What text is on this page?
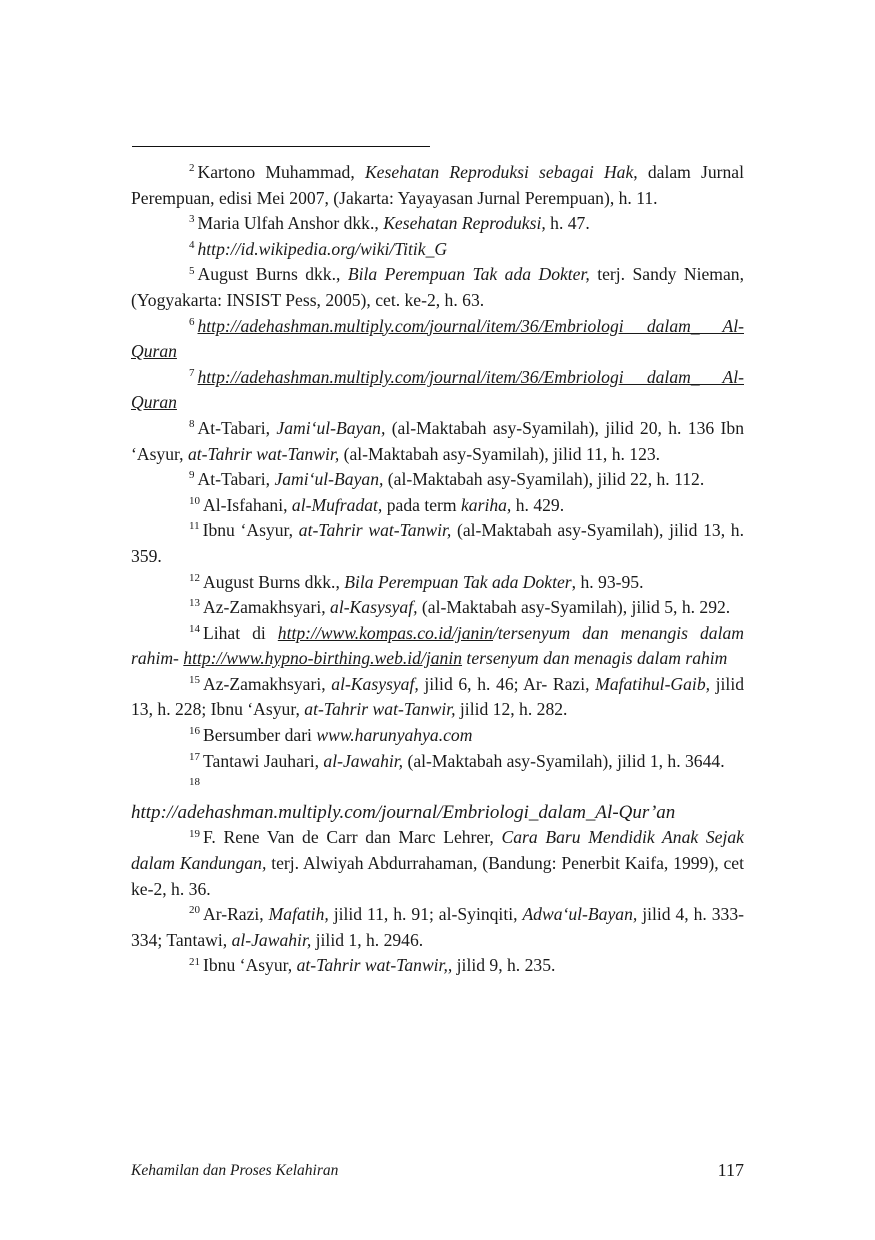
$^2$ Kartono Muhammad, Kesehatan Reproduksi sebagai Hak, dalam Jurnal Perempuan, edisi Mei 2007, (Jakarta: Yayayasan Jurnal Perempuan), h. 11.

$^3$ Maria Ulfah Anshor dkk., Kesehatan Reproduksi, h. 47.

$^4$ http://id.wikipedia.org/wiki/Titik_G

$^5$ August Burns dkk., Bila Perempuan Tak ada Dokter, terj. Sandy Nieman, (Yogyakarta: INSIST Pess, 2005), cet. ke-2, h. 63.

$^6$ http://adehashman.multiply.com/journal/item/36/Embriologi dalam_ Al-Quran

$^7$ http://adehashman.multiply.com/journal/item/36/Embriologi dalam_ Al-Quran

$^8$ At-Tabari, Jami‘ul-Bayan, (al-Maktabah asy-Syamilah), jilid 20, h. 136 Ibn ‘Asyur, at-Tahrir wat-Tanwir, (al-Maktabah asy-Syamilah), jilid 11, h. 123.

$^9$ At-Tabari, Jami‘ul-Bayan, (al-Maktabah asy-Syamilah), jilid 22, h. 112.

$^{10}$ Al-Isfahani, al-Mufradat, pada term kariha, h. 429.

$^{11}$ Ibnu ‘Asyur, at-Tahrir wat-Tanwir, (al-Maktabah asy-Syamilah), jilid 13, h. 359.

$^{12}$ August Burns dkk., Bila Perempuan Tak ada Dokter, h. 93-95.

$^{13}$ Az-Zamakhsyari, al-Kasysyaf, (al-Maktabah asy-Syamilah), jilid 5, h. 292.

$^{14}$ Lihat di http://www.kompas.co.id/janin/tersenyum dan menangis dalam rahim- http://www.hypno-birthing.web.id/janin tersenyum dan menagis dalam rahim

$^{15}$ Az-Zamakhsyari, al-Kasysyaf, jilid 6, h. 46; Ar- Razi, Mafatihul-Gaib, jilid 13, h. 228; Ibnu ‘Asyur, at-Tahrir wat-Tanwir, jilid 12, h. 282.

$^{16}$ Bersumber dari www.harunyahya.com

$^{17}$ Tantawi Jauhari, al-Jawahir, (al-Maktabah asy-Syamilah), jilid 1, h. 3644.

$^{18}$

http://adehashman.multiply.com/journal/Embriologi_dalam_Al-Qur’an

$^{19}$ F. Rene Van de Carr dan Marc Lehrer, Cara Baru Mendidik Anak Sejak dalam Kandungan, terj. Alwiyah Abdurrahaman, (Bandung: Penerbit Kaifa, 1999), cet ke-2, h. 36.

$^{20}$ Ar-Razi, Mafatih, jilid 11, h. 91; al-Syinqiti, Adwa‘ul-Bayan, jilid 4, h. 333-334; Tantawi, al-Jawahir, jilid 1, h. 2946.

$^{21}$ Ibnu ‘Asyur, at-Tahrir wat-Tanwir,, jilid 9, h. 235.

Kehamilan dan Proses Kelahiran	117
